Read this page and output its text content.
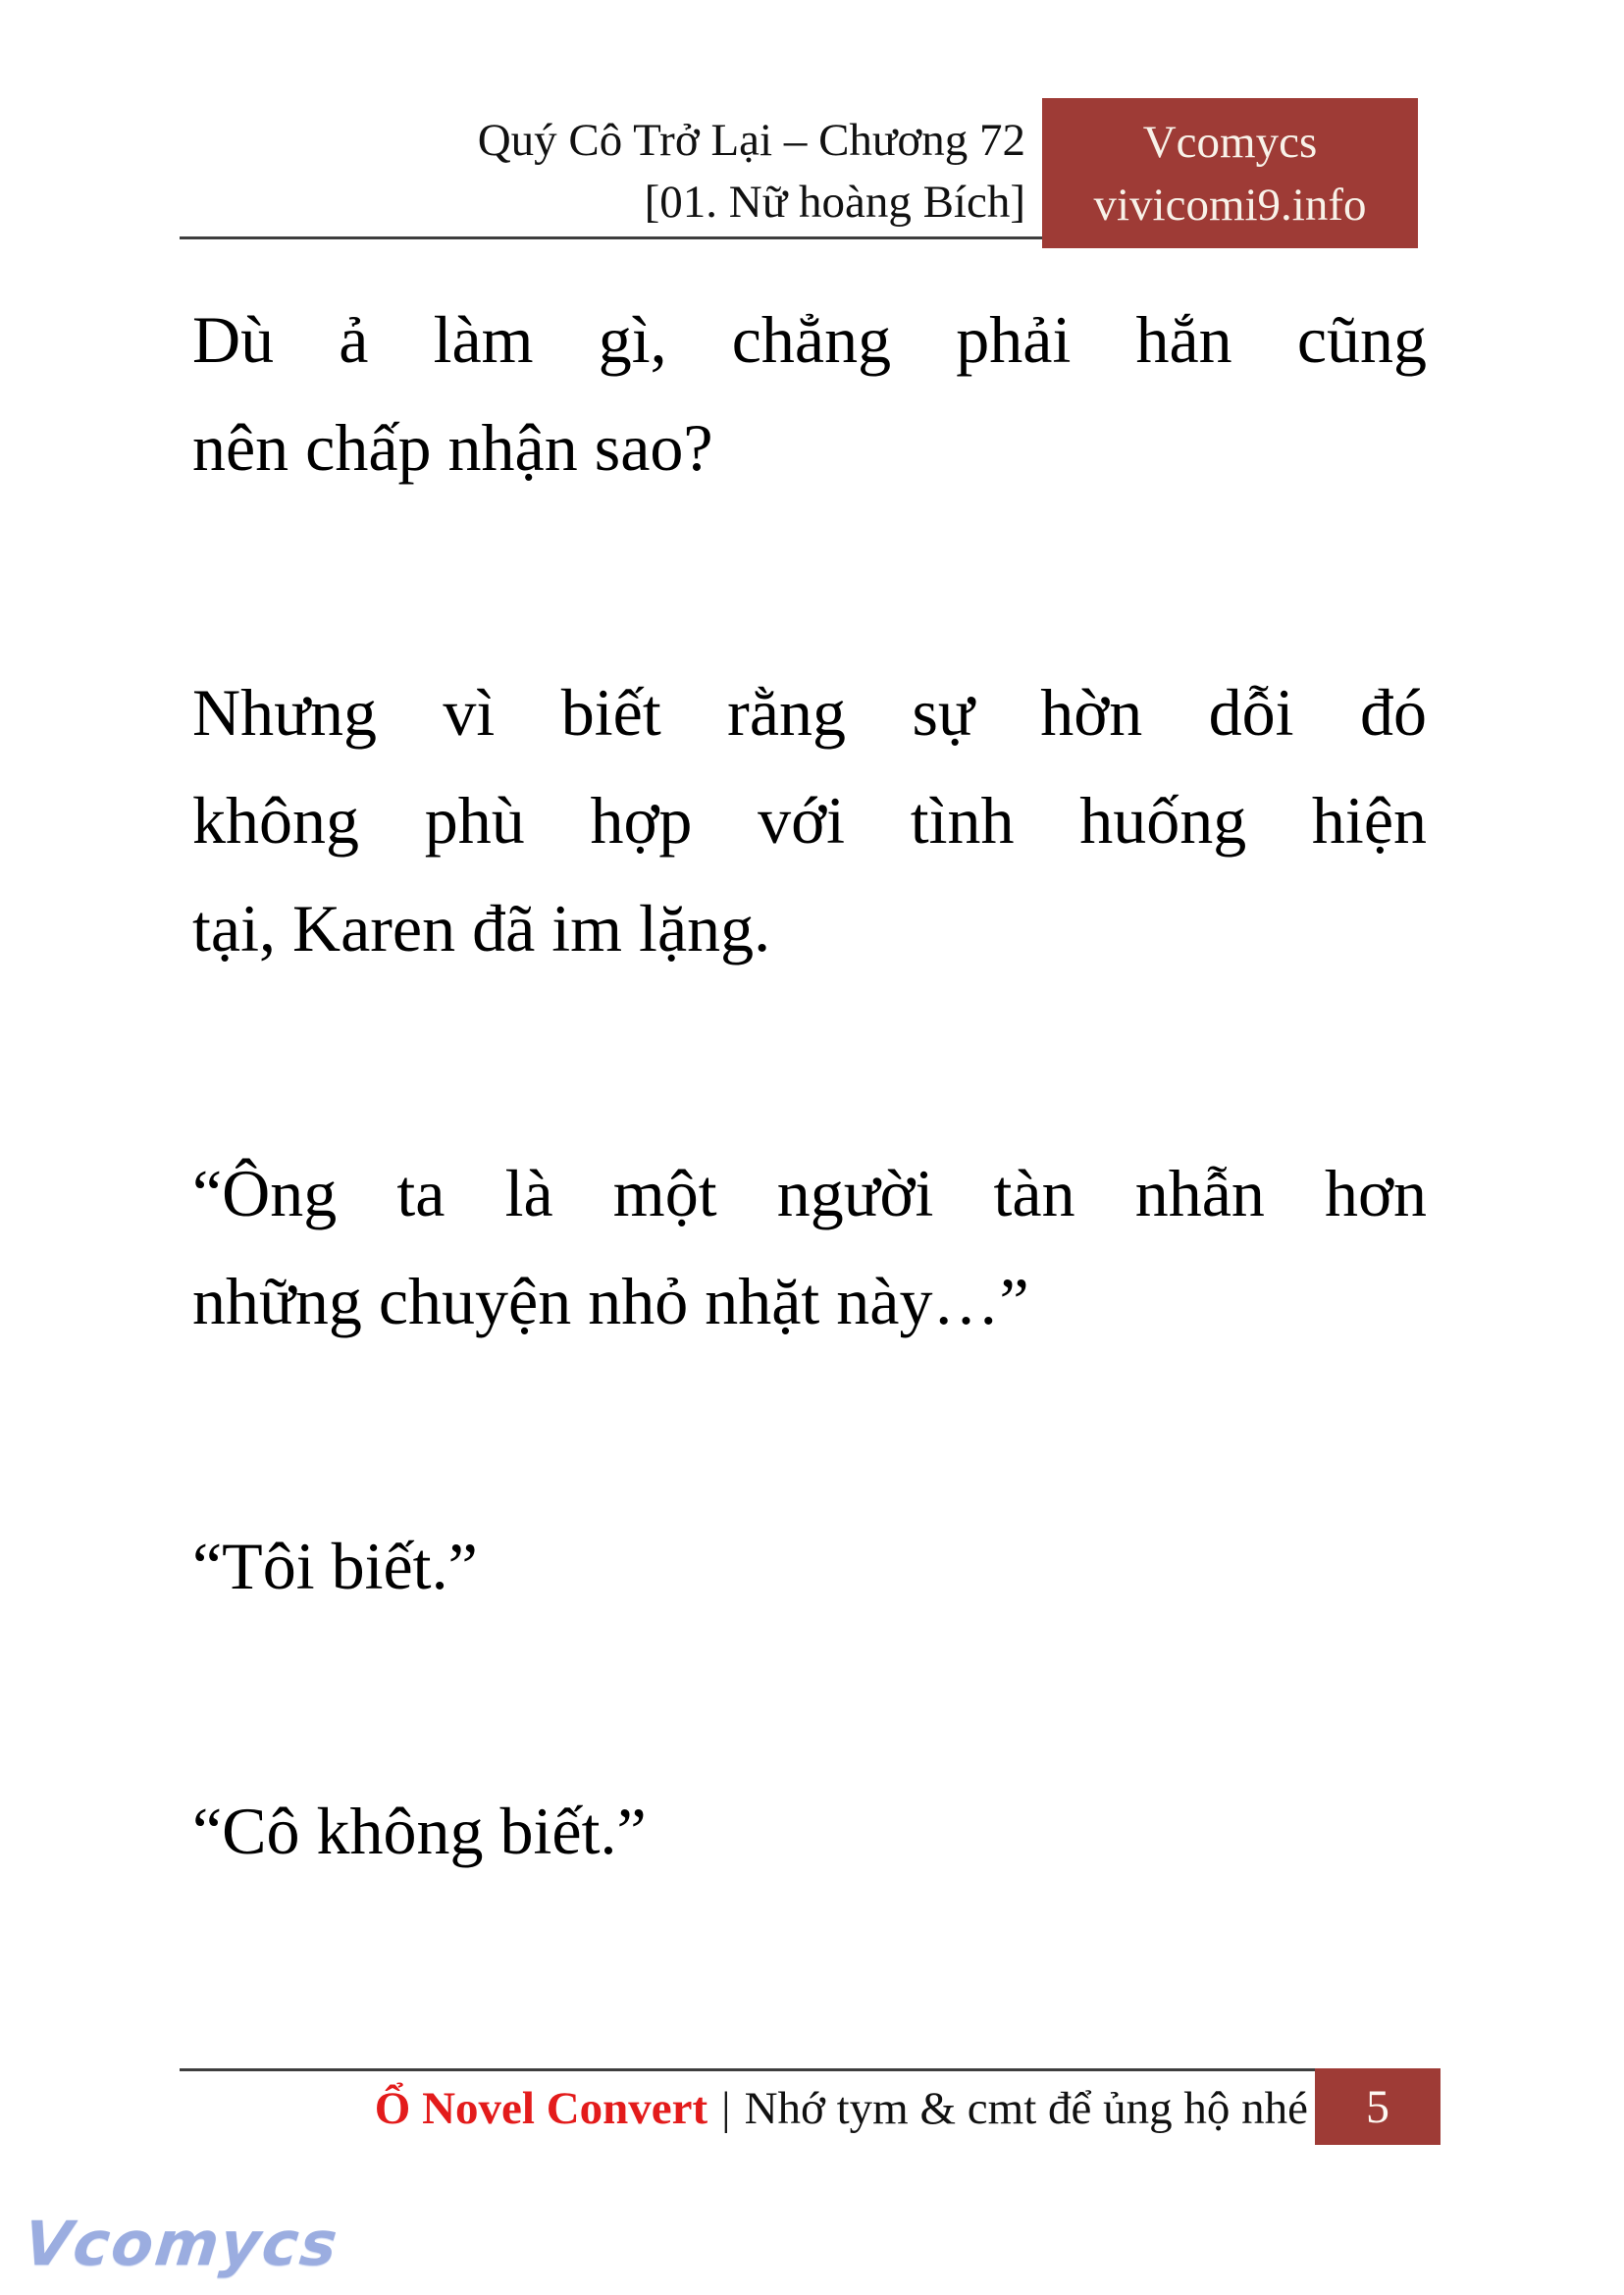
Quý Cô Trở Lại – Chương 72
[01. Nữ hoàng Bích]
Vcomycs
vivicomi9.info
Dù ả làm gì, chẳng phải hắn cũng
nên chấp nhận sao?
Nhưng vì biết rằng sự hờn dỗi đó
không phù hợp với tình huống hiện
tại, Karen đã im lặng.
“Ông ta là một người tàn nhẫn hơn
những chuyện nhỏ nhặt này…”
“Tôi biết.”
“Cô không biết.”
Ổ Novel Convert | Nhớ tym & cmt để ủng hộ nhé 5
Vcomycs
